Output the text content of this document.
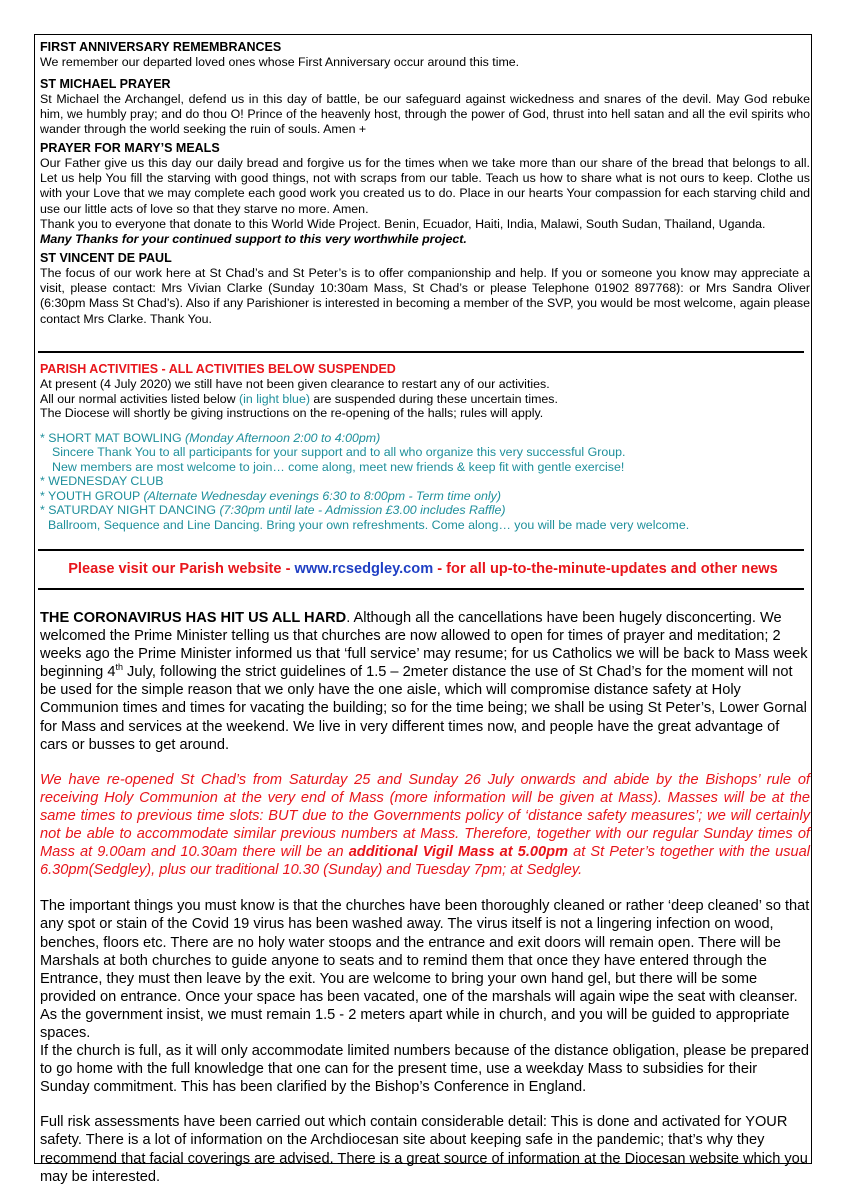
FIRST ANNIVERSARY REMEMBRANCES

We remember our departed loved ones whose First Anniversary occur around this time.

ST MICHAEL PRAYER

St Michael the Archangel, defend us in this day of battle, be our safeguard against wickedness and snares of the devil. May God rebuke him, we humbly pray; and do thou O! Prince of the heavenly host, through the power of God, thrust into hell satan and all the evil spirits who wander through the world seeking the ruin of souls. Amen +

PRAYER FOR MARY’S MEALS

Our Father give us this day our daily bread and forgive us for the times when we take more than our share of the bread that belongs to all. Let us help You fill the starving with good things, not with scraps from our table. Teach us how to share what is not ours to keep. Clothe us with your Love that we may complete each good work you created us to do. Place in our hearts Your compassion for each starving child and use our little acts of love so that they starve no more. Amen.

Thank you to everyone that donate to this World Wide Project. Benin, Ecuador, Haiti, India, Malawi, South Sudan, Thailand, Uganda.

Many Thanks for your continued support to this very worthwhile project.

ST VINCENT DE PAUL

The focus of our work here at St Chad’s and St Peter’s is to offer companionship and help. If you or someone you know may appreciate a visit, please contact: Mrs Vivian Clarke (Sunday 10:30am Mass, St Chad’s or please Telephone 01902 897768): or Mrs Sandra Oliver (6:30pm Mass St Chad’s). Also if any Parishioner is interested in becoming a member of the SVP, you would be most welcome, again please contact Mrs Clarke. Thank You.

PARISH ACTIVITIES - ALL ACTIVITIES BELOW SUSPENDED

At present (4 July 2020) we still have not been given clearance to restart any of our activities.

All our normal activities listed below (in light blue) are suspended during these uncertain times.

The Diocese will shortly be giving instructions on the re-opening of the halls; rules will apply.

* SHORT MAT BOWLING (Monday Afternoon 2:00 to 4:00pm)

Sincere Thank You to all participants for your support and to all who organize this very successful Group.

New members are most welcome to join… come along, meet new friends & keep fit with gentle exercise!

* WEDNESDAY CLUB

* YOUTH GROUP (Alternate Wednesday evenings 6:30 to 8:00pm - Term time only)

* SATURDAY NIGHT DANCING (7:30pm until late - Admission £3.00 includes Raffle)

Ballroom, Sequence and Line Dancing. Bring your own refreshments. Come along… you will be made very welcome.

Please visit our Parish website - www.rcsedgley.com - for all up-to-the-minute-updates and other news

THE CORONAVIRUS HAS HIT US ALL HARD. Although all the cancellations have been hugely disconcerting. We welcomed the Prime Minister telling us that churches are now allowed to open for times of prayer and meditation; 2 weeks ago the Prime Minister informed us that ‘full service’ may resume; for us Catholics we will be back to Mass week beginning 4th July, following the strict guidelines of 1.5 – 2meter distance the use of St Chad’s for the moment will not be used for the simple reason that we only have the one aisle, which will compromise distance safety at Holy Communion times and times for vacating the building; so for the time being; we shall be using St Peter’s, Lower Gornal for Mass and services at the weekend. We live in very different times now, and people have the great advantage of cars or busses to get around.

We have re-opened St Chad’s from Saturday 25 and Sunday 26 July onwards and abide by the Bishops’ rule of receiving Holy Communion at the very end of Mass (more information will be given at Mass). Masses will be at the same times to previous time slots: BUT due to the Governments policy of ‘distance safety measures’; we will certainly not be able to accommodate similar previous numbers at Mass. Therefore, together with our regular Sunday times of Mass at 9.00am and 10.30am there will be an additional Vigil Mass at 5.00pm at St Peter’s together with the usual 6.30pm(Sedgley), plus our traditional 10.30 (Sunday) and Tuesday 7pm; at Sedgley.

The important things you must know is that the churches have been thoroughly cleaned or rather ‘deep cleaned’ so that any spot or stain of the Covid 19 virus has been washed away. The virus itself is not a lingering infection on wood, benches, floors etc. There are no holy water stoops and the entrance and exit doors will remain open. There will be Marshals at both churches to guide anyone to seats and to remind them that once they have entered through the Entrance, they must then leave by the exit. You are welcome to bring your own hand gel, but there will be some provided on entrance. Once your space has been vacated, one of the marshals will again wipe the seat with cleanser. As the government insist, we must remain 1.5 - 2 meters apart while in church, and you will be guided to appropriate spaces.

If the church is full, as it will only accommodate limited numbers because of the distance obligation, please be prepared to go home with the full knowledge that one can for the present time, use a weekday Mass to subsidies for their Sunday commitment. This has been clarified by the Bishop’s Conference in England.

Full risk assessments have been carried out which contain considerable detail: This is done and activated for YOUR safety. There is a lot of information on the Archdiocesan site about keeping safe in the pandemic; that’s why they recommend that facial coverings are advised. There is a great source of information at the Diocesan website which you may be interested.
